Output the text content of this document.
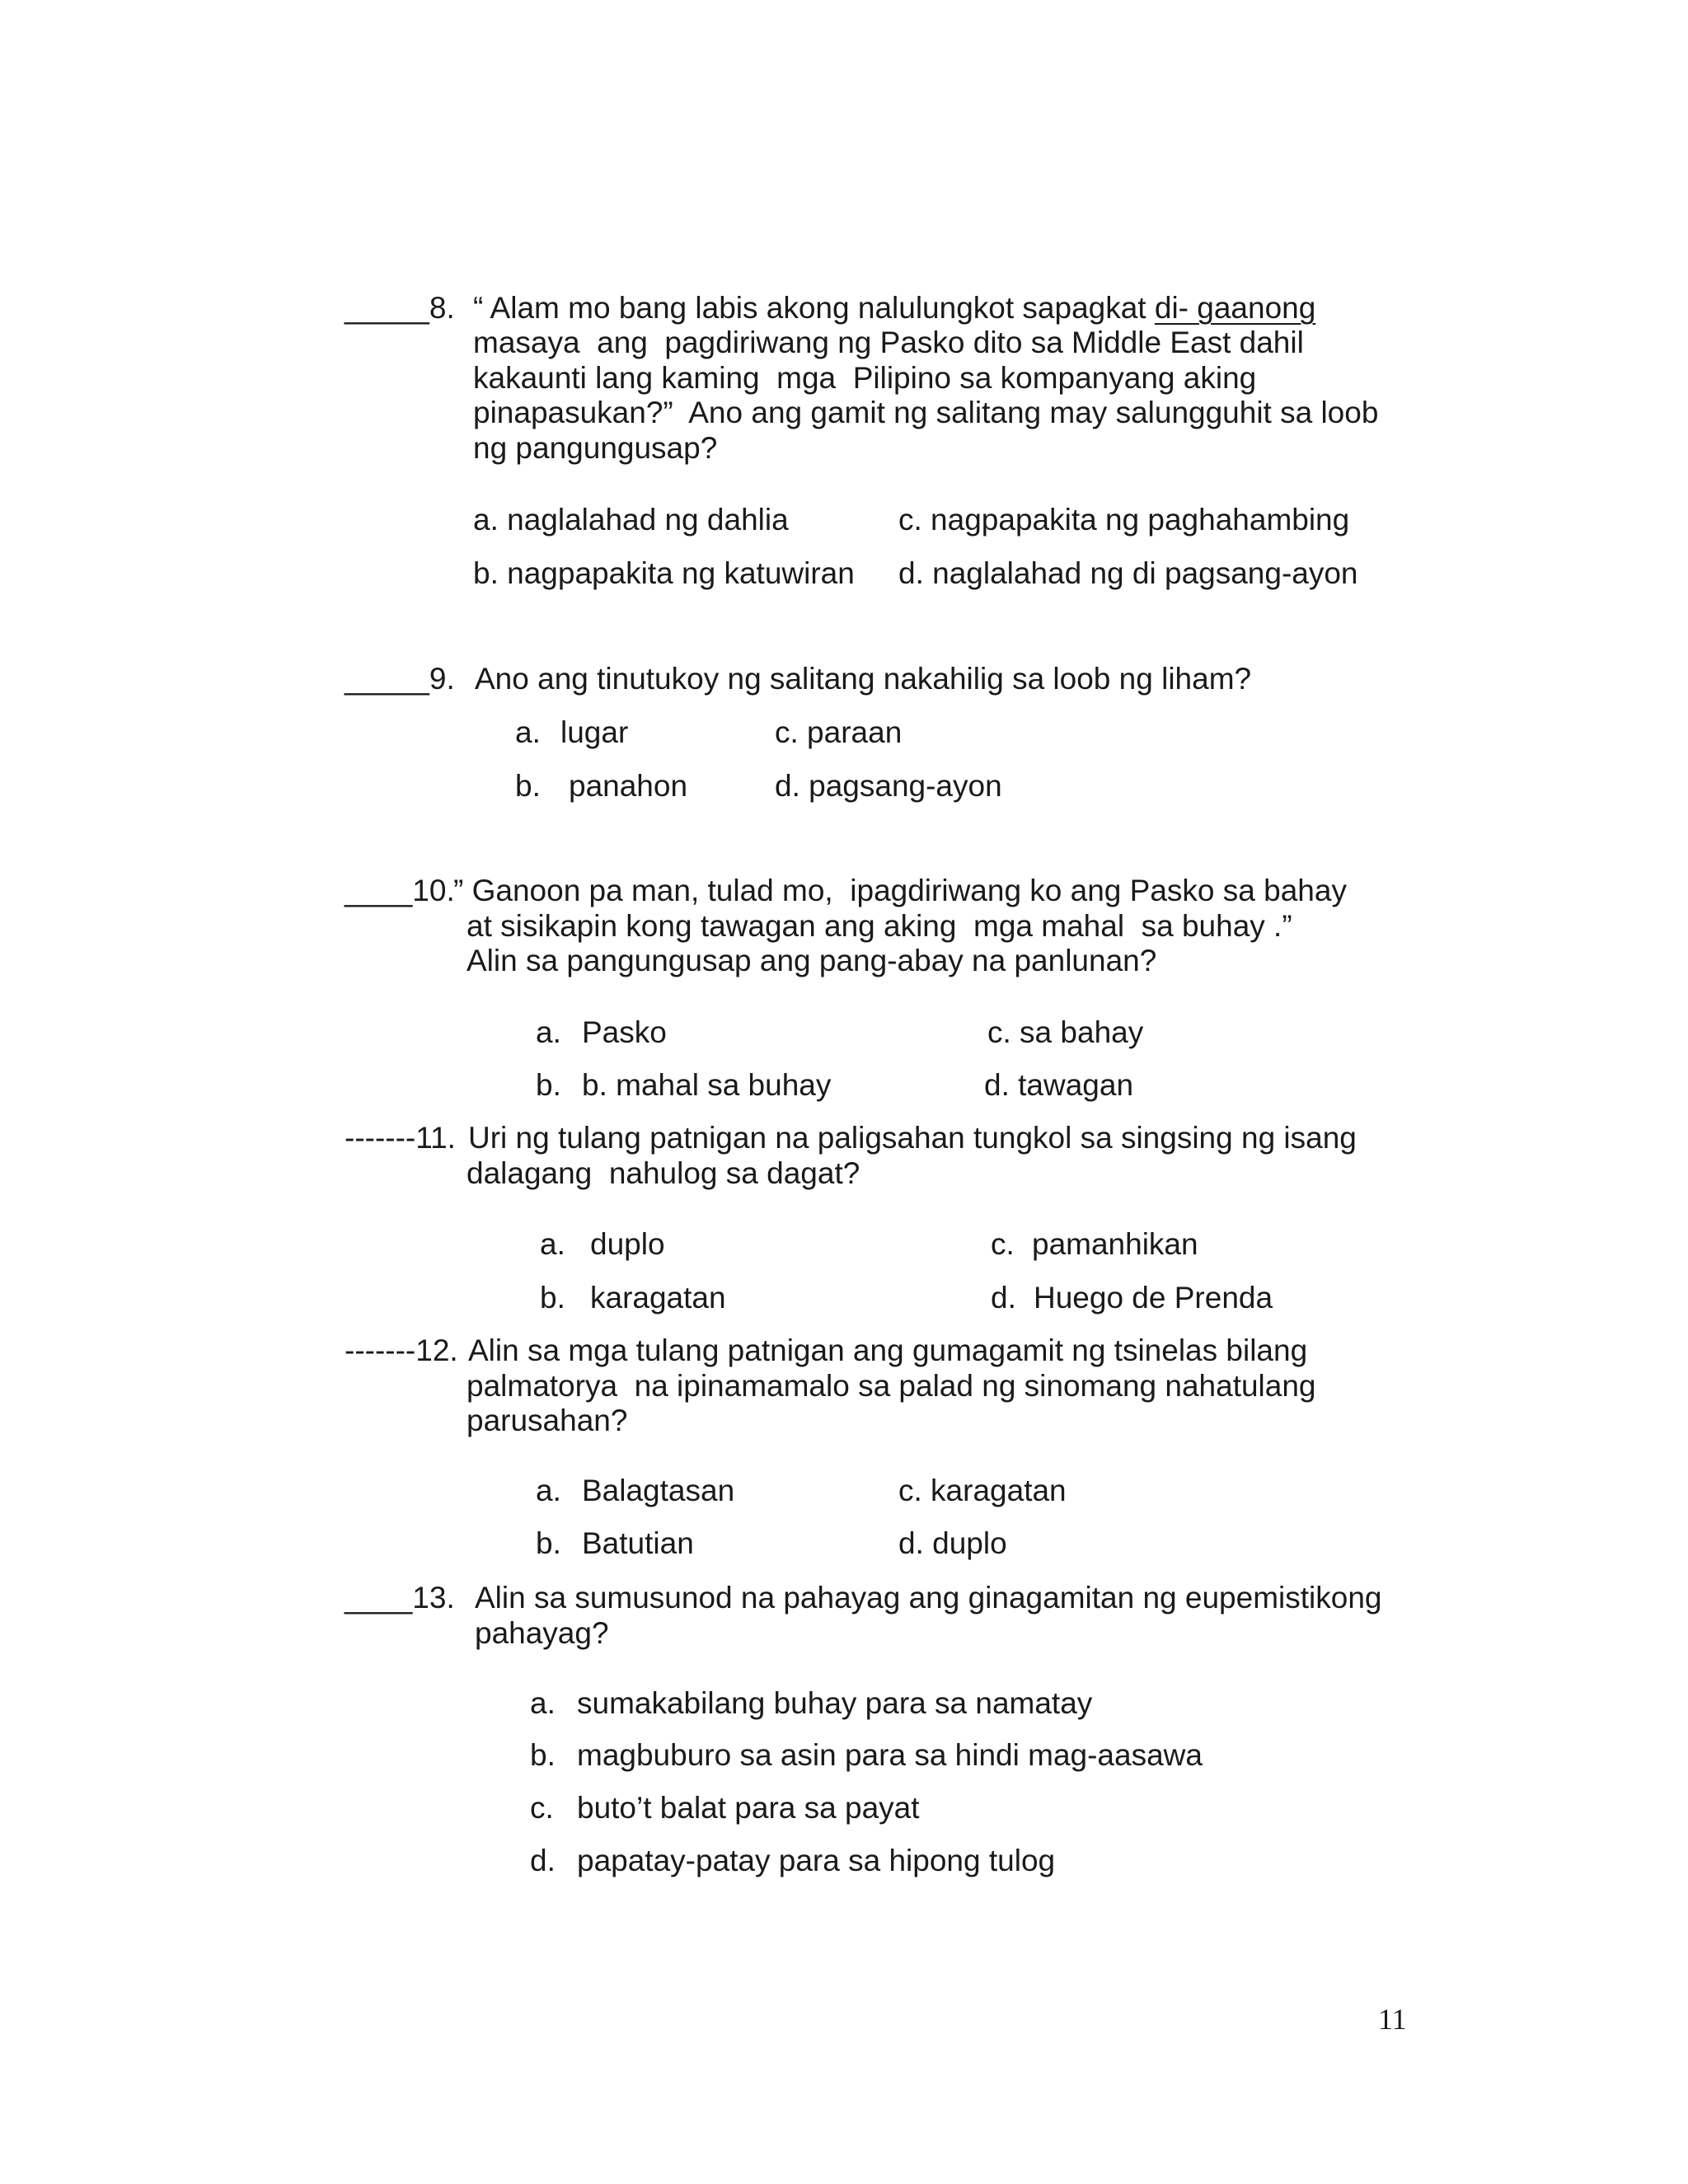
_____8. “ Alam mo bang labis akong nalulungkot sapagkat di- gaanong
masaya  ang  pagdiriwang ng Pasko dito sa Middle East dahil
kakaunti lang kaming  mga  Pilipino sa kompanyang aking
pinapasukan?”  Ano ang gamit ng salitang may salungguhit sa loob
ng pangungusap?
a. naglalahad ng dahlia	c. nagpapakita ng paghahambing
b. nagpapakita ng katuwiran d. naglalahad ng di pagsang-ayon
_____9. Ano ang tinutukoy ng salitang nakahilig sa loob ng liham?
a. lugar	c. paraan
b. panahon	d. pagsang-ayon
____10.
” Ganoon pa man, tulad mo,  ipagdiriwang ko ang Pasko sa bahay
at sisikapin kong tawagan ang aking  mga mahal  sa buhay .”
Alin sa pangungusap ang pang-abay na panlunan?
a. Pasko	c. sa bahay
b. b. mahal sa buhay	d. tawagan
-------11. Uri ng tulang patnigan na paligsahan tungkol sa singsing ng isang
dalagang  nahulog sa dagat?
a. duplo	c. pamanhikan
b. karagatan	d. Huego de Prenda
-------12. Alin sa mga tulang patnigan ang gumagamit ng tsinelas bilang
palmatorya  na ipinamamalo sa palad ng sinomang nahatulang
parusahan?
a. Balagtasan	c. karagatan
b. Batutian	d. duplo
____13. Alin sa sumusunod na pahayag ang ginagamitan ng eupemistikong
pahayag?
a. sumakabilang buhay para sa namatay
b. magbuburo sa asin para sa hindi mag-aasawa
c. buto’t balat para sa payat
d. papatay-patay para sa hipong tulog
11
